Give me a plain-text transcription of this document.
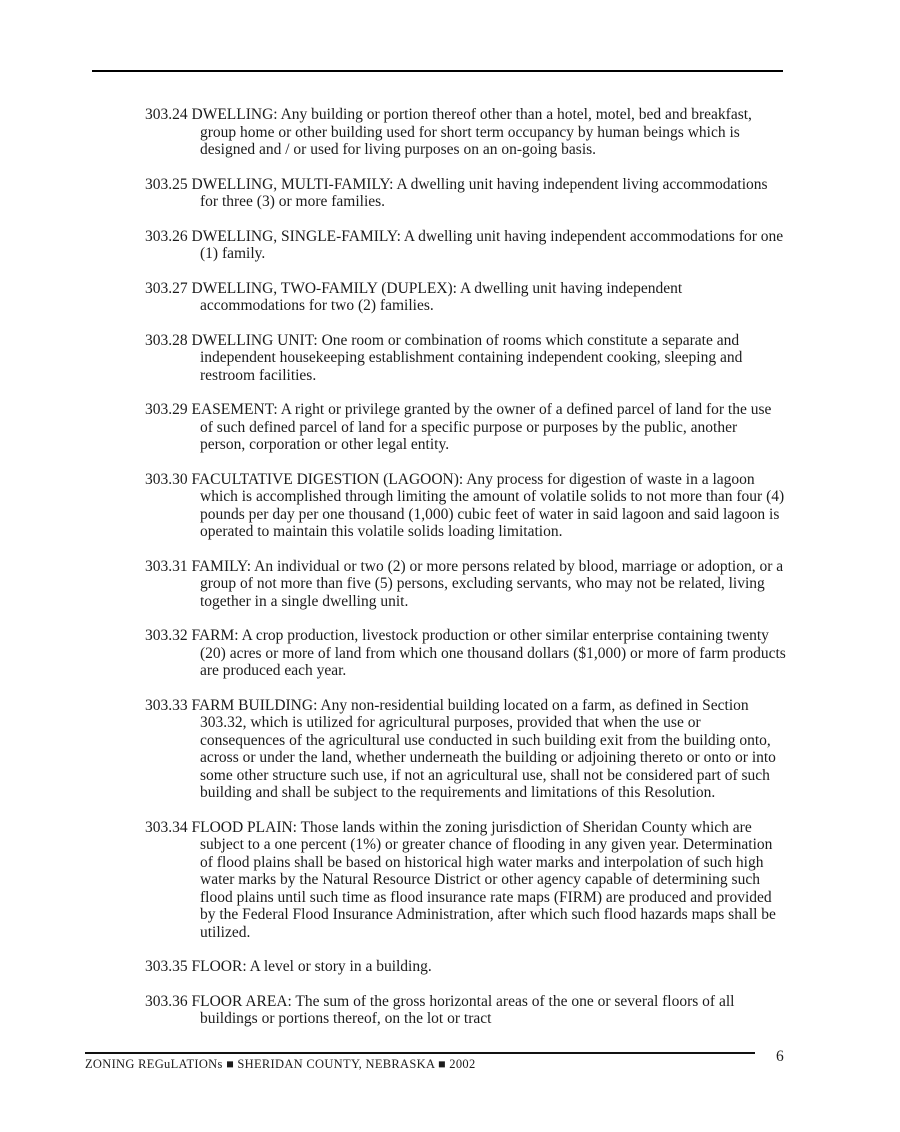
303.24 DWELLING: Any building or portion thereof other than a hotel, motel, bed and breakfast, group home or other building used for short term occupancy by human beings which is designed and / or used for living purposes on an on-going basis.

303.25 DWELLING, MULTI-FAMILY: A dwelling unit having independent living accommodations for three (3) or more families.

303.26 DWELLING, SINGLE-FAMILY: A dwelling unit having independent accommodations for one (1) family.

303.27 DWELLING, TWO-FAMILY (DUPLEX): A dwelling unit having independent accommodations for two (2) families.

303.28 DWELLING UNIT: One room or combination of rooms which constitute a separate and independent housekeeping establishment containing independent cooking, sleeping and restroom facilities.

303.29 EASEMENT: A right or privilege granted by the owner of a defined parcel of land for the use of such defined parcel of land for a specific purpose or purposes by the public, another person, corporation or other legal entity.

303.30 FACULTATIVE DIGESTION (LAGOON): Any process for digestion of waste in a lagoon which is accomplished through limiting the amount of volatile solids to not more than four (4) pounds per day per one thousand (1,000) cubic feet of water in said lagoon and said lagoon is operated to maintain this volatile solids loading limitation.

303.31 FAMILY: An individual or two (2) or more persons related by blood, marriage or adoption, or a group of not more than five (5) persons, excluding servants, who may not be related, living together in a single dwelling unit.

303.32 FARM: A crop production, livestock production or other similar enterprise containing twenty (20) acres or more of land from which one thousand dollars ($1,000) or more of farm products are produced each year.

303.33 FARM BUILDING: Any non-residential building located on a farm, as defined in Section 303.32, which is utilized for agricultural purposes, provided that when the use or consequences of the agricultural use conducted in such building exit from the building onto, across or under the land, whether underneath the building or adjoining thereto or onto or into some other structure such use, if not an agricultural use, shall not be considered part of such building and shall be subject to the requirements and limitations of this Resolution.

303.34 FLOOD PLAIN: Those lands within the zoning jurisdiction of Sheridan County which are subject to a one percent (1%) or greater chance of flooding in any given year. Determination of flood plains shall be based on historical high water marks and interpolation of such high water marks by the Natural Resource District or other agency capable of determining such flood plains until such time as flood insurance rate maps (FIRM) are produced and provided by the Federal Flood Insurance Administration, after which such flood hazards maps shall be utilized.

303.35 FLOOR: A level or story in a building.

303.36 FLOOR AREA: The sum of the gross horizontal areas of the one or several floors of all buildings or portions thereof, on the lot or tract

ZONING REGuLATIONs ■ SHERIDAN COUNTY, NEBRASKA ■ 2002	6
